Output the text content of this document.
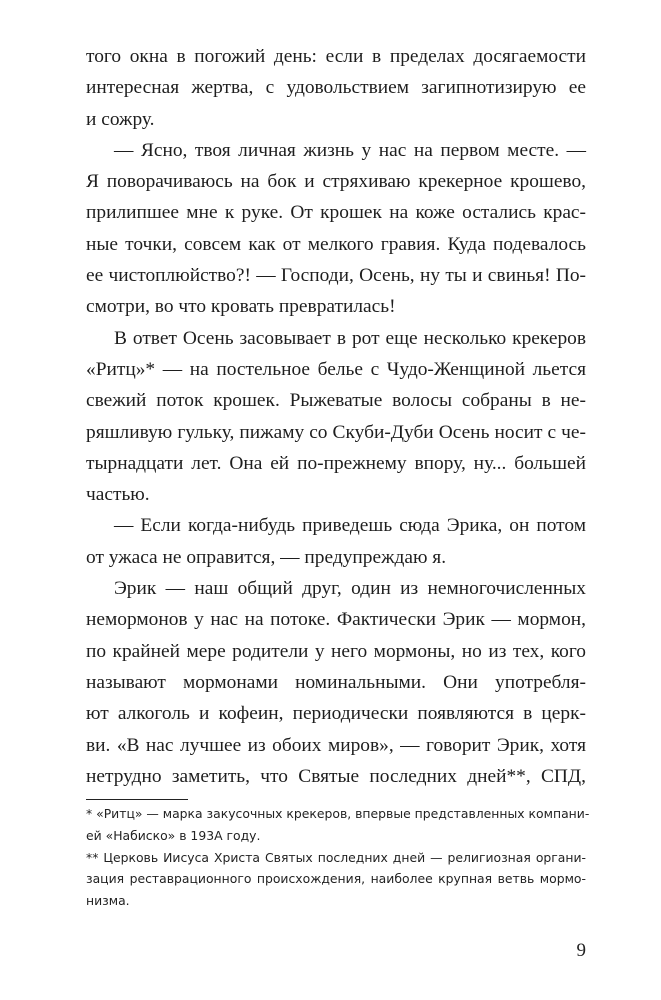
того окна в погожий день: если в пределах досягаемости
интересная жертва, с удовольствием загипнотизирую ее
и сожру.

— Ясно, твоя личная жизнь у нас на первом месте. —
Я поворачиваюсь на бок и стряхиваю крекерное крошево,
прилипшее мне к руке. От крошек на коже остались крас-
ные точки, совсем как от мелкого гравия. Куда подевалось
ее чистоплюйство?! — Господи, Осень, ну ты и свинья! По-
смотри, во что кровать превратилась!

В ответ Осень засовывает в рот еще несколько крекеров
«Ритц»* — на постельное белье с Чудо-Женщиной льется
свежий поток крошек. Рыжеватые волосы собраны в не-
ряшливую гульку, пижаму со Скуби-Дуби Осень носит с че-
тырнадцати лет. Она ей по-прежнему впору, ну... большей
частью.

— Если когда-нибудь приведешь сюда Эрика, он потом
от ужаса не оправится, — предупреждаю я.

Эрик — наш общий друг, один из немногочисленных
немормонов у нас на потоке. Фактически Эрик — мормон,
по крайней мере родители у него мормоны, но из тех, кого
называют мормонами номинальными. Они употребля-
ют алкоголь и кофеин, периодически появляются в церк-
ви. «В нас лучшее из обоих миров», — говорит Эрик, хотя
нетрудно заметить, что Святые последних дней**, СПД,

* «Ритц» — марка закусочных крекеров, впервые представленных компани-
ей «Набиско» в 193A году.
** Церковь Иисуса Христа Святых последних дней — религиозная органи-
зация реставрационного происхождения, наиболее крупная ветвь мормо-
низма.
9
